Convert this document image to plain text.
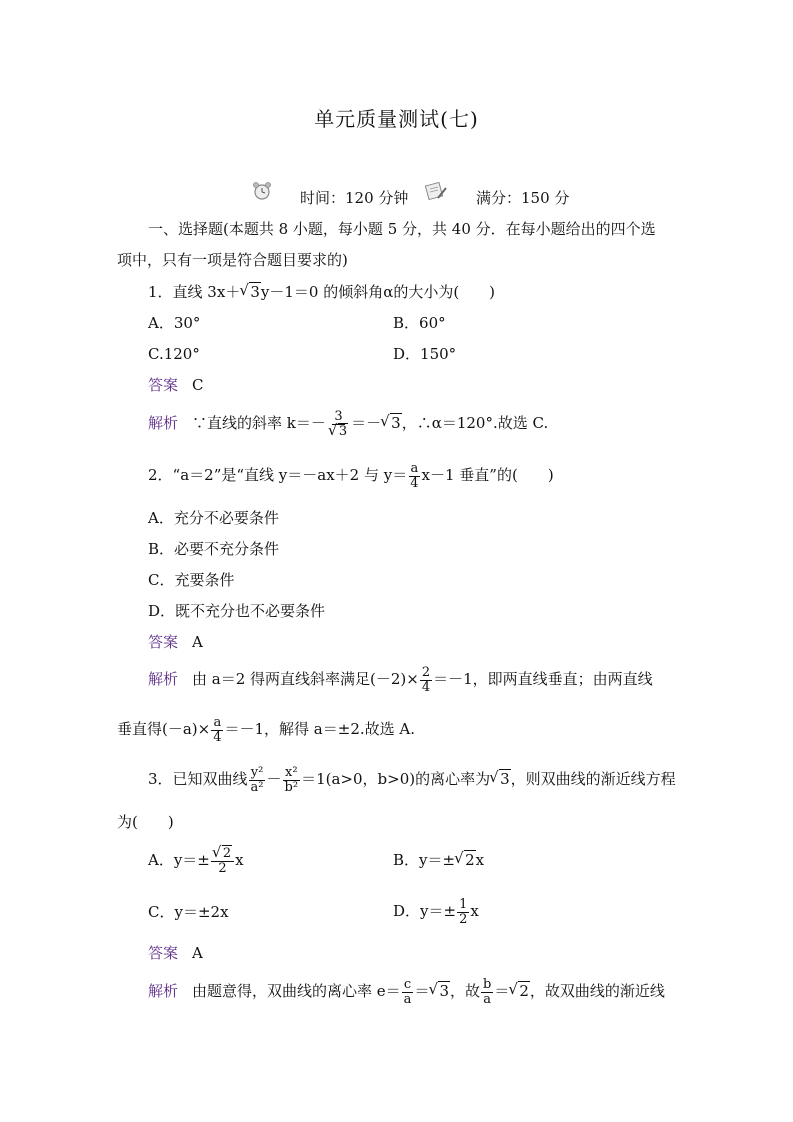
单元质量测试(七)
时间：120 分钟	满分：150 分
一、选择题(本题共 8 小题，每小题 5 分，共 40 分．在每小题给出的四个选
项中，只有一项是符合题目要求的)
1．直线 3x＋ √ 3y－1＝0 的倾斜角α的大小为(　　)
A．30°	B．60°
C.120°	D．150°
答案 C
解析 ∵直线的斜率 k＝－ 3
√ 3 ＝－ √ 3，∴α＝120°.故选 C.
2．“a＝2”是“直线 y＝－ax＋2 与 $y= \frac{a}{4} x-1$ 垂直”的(　　)
A．充分不必要条件
B．必要不充分条件
C．充要条件
D．既不充分也不必要条件
答案 A
解析 由 a＝2 得两直线斜率满足$(-2)\times \frac{2}{4} =-1$，即两直线垂直；由两直线
垂直得$(-a)\times \frac{a}{4} =-1$，解得 a＝±2.故选 A.
3．已知双曲线 $\frac{\text{y²}}{\text{a²}} - \frac{\text{x²}}{\text{b²}} =1(a>0$，b>0)的离心率为 √ 3，则双曲线的渐近线方程
为(　　)
A．y＝± √ $\frac{2}{2}$ x	B．y＝± √ 2x
C．y＝±2x	D．$y=\pm \frac{1}{2}$ x
答案 A
解析 由题意得，双曲线的离心率 $e= \frac{c}{a}$ ＝ √ 3，故 $\frac{b}{a}$ ＝ √ 2，故双曲线的渐近线
